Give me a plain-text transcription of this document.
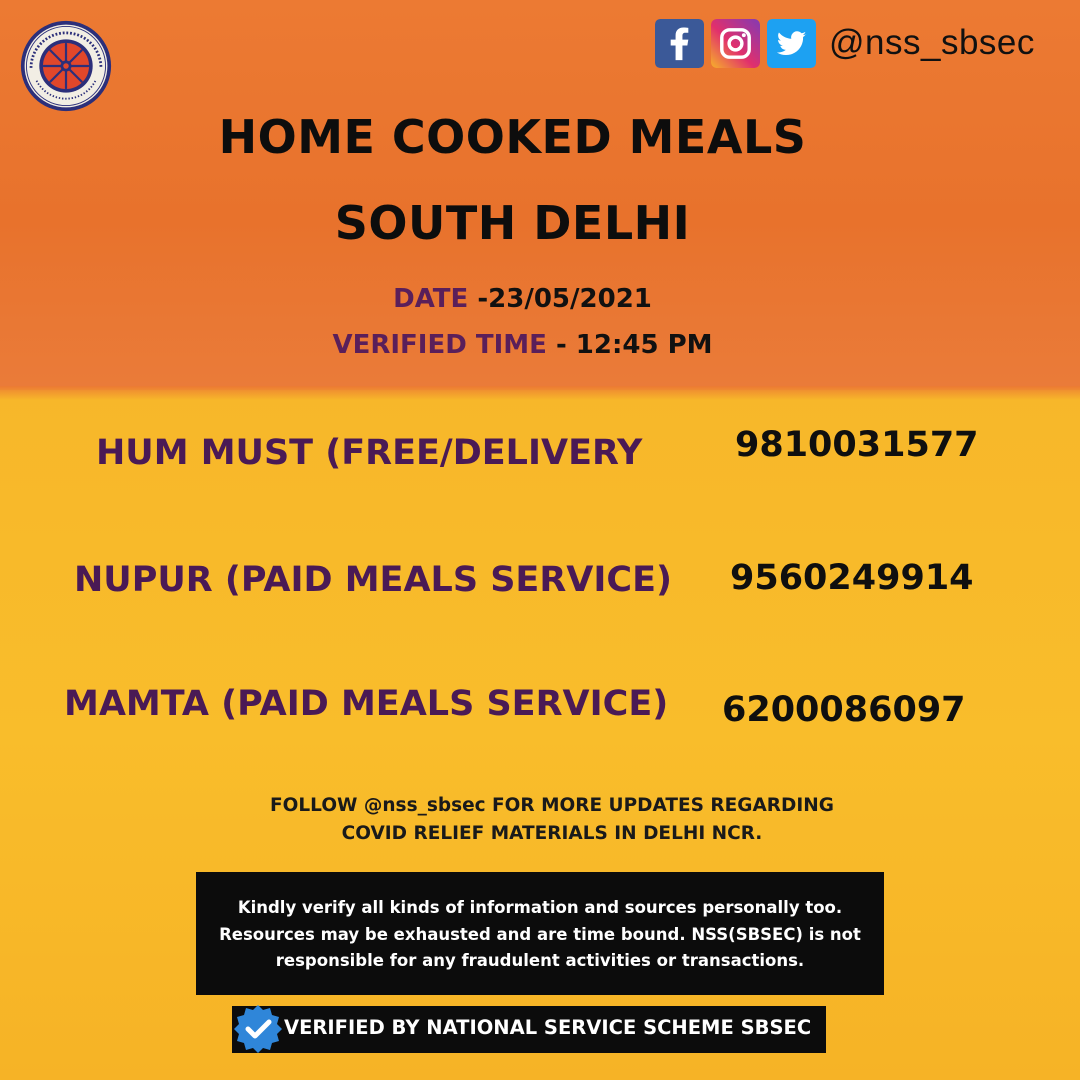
@nss_sbsec
HOME COOKED MEALS
SOUTH DELHI
DATE -23/05/2021
VERIFIED TIME - 12:45 PM
HUM MUST (FREE/DELIVERY	9810031577
NUPUR (PAID MEALS SERVICE) 9560249914
MAMTA (PAID MEALS SERVICE) 6200086097
FOLLOW @nss_sbsec FOR MORE UPDATES REGARDING
COVID RELIEF MATERIALS IN DELHI NCR.
Kindly verify all kinds of information and sources personally too.
Resources may be exhausted and are time bound. NSS(SBSEC) is not
responsible for any fraudulent activities or transactions.
VERIFIED BY NATIONAL SERVICE SCHEME SBSEC
